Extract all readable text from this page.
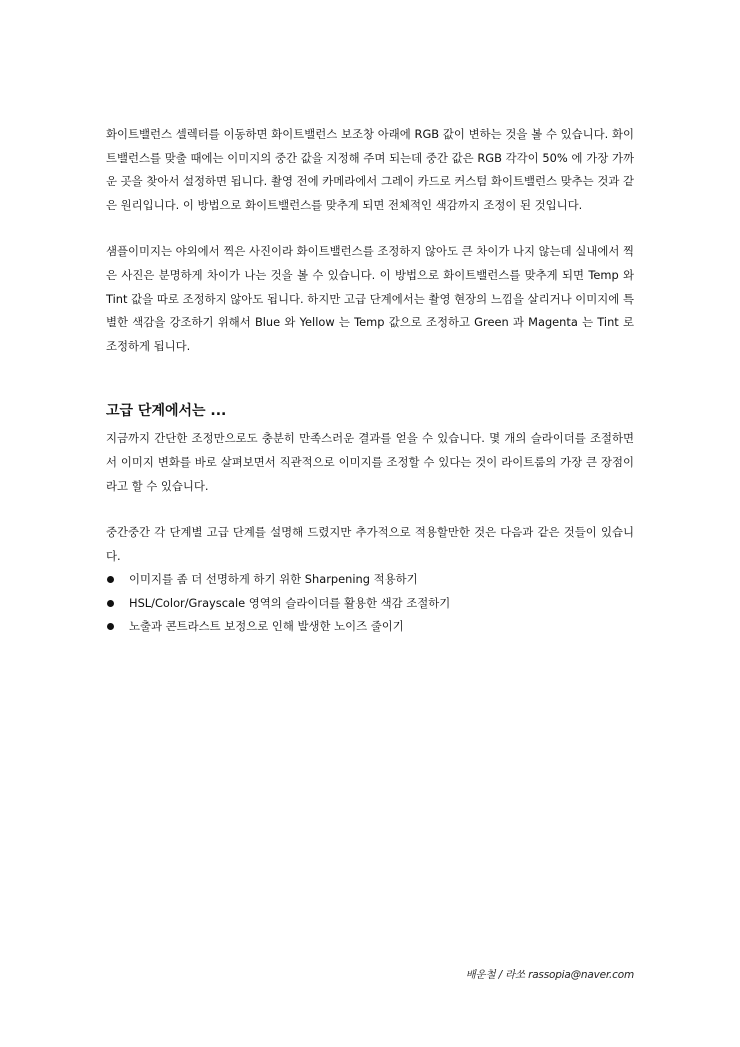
화이트밸런스 셀렉터를 이동하면 화이트밸런스 보조창 아래에 RGB 값이 변하는 것을 볼 수 있습니다. 화이트밸런스를 맞출 때에는 이미지의 중간 값을 지정해 주며 되는데 중간 값은 RGB 각각이 50% 에 가장 가까운 곳을 찾아서 설정하면 됩니다. 촬영 전에 카메라에서 그레이 카드로 커스텀 화이트밸런스 맞추는 것과 같은 원리입니다. 이 방법으로 화이트밸런스를 맞추게 되면 전체적인 색감까지 조정이 된 것입니다.

샘플이미지는 야외에서 찍은 사진이라 화이트밸런스를 조정하지 않아도 큰 차이가 나지 않는데 실내에서 찍은 사진은 분명하게 차이가 나는 것을 볼 수 있습니다. 이 방법으로 화이트밸런스를 맞추게 되면 Temp 와 Tint 값을 따로 조정하지 않아도 됩니다. 하지만 고급 단계에서는 촬영 현장의 느낌을 살리거나 이미지에 특별한 색감을 강조하기 위해서 Blue 와 Yellow 는 Temp 값으로 조정하고 Green 과 Magenta 는 Tint 로 조정하게 됩니다.

고급 단계에서는 ...

지금까지 간단한 조정만으로도 충분히 만족스러운 결과를 얻을 수 있습니다. 몇 개의 슬라이더를 조절하면서 이미지 변화를 바로 살펴보면서 직관적으로 이미지를 조정할 수 있다는 것이 라이트룸의 가장 큰 장점이라고 할 수 있습니다.

중간중간 각 단계별 고급 단계를 설명해 드렸지만 추가적으로 적용할만한 것은 다음과 같은 것들이 있습니다.

이미지를 좀 더 선명하게 하기 위한 Sharpening 적용하기
HSL/Color/Grayscale 영역의 슬라이더를 활용한 색감 조절하기
노출과 콘트라스트 보정으로 인해 발생한 노이즈 줄이기
배운철 / 라쏘 rassopia@naver.com
